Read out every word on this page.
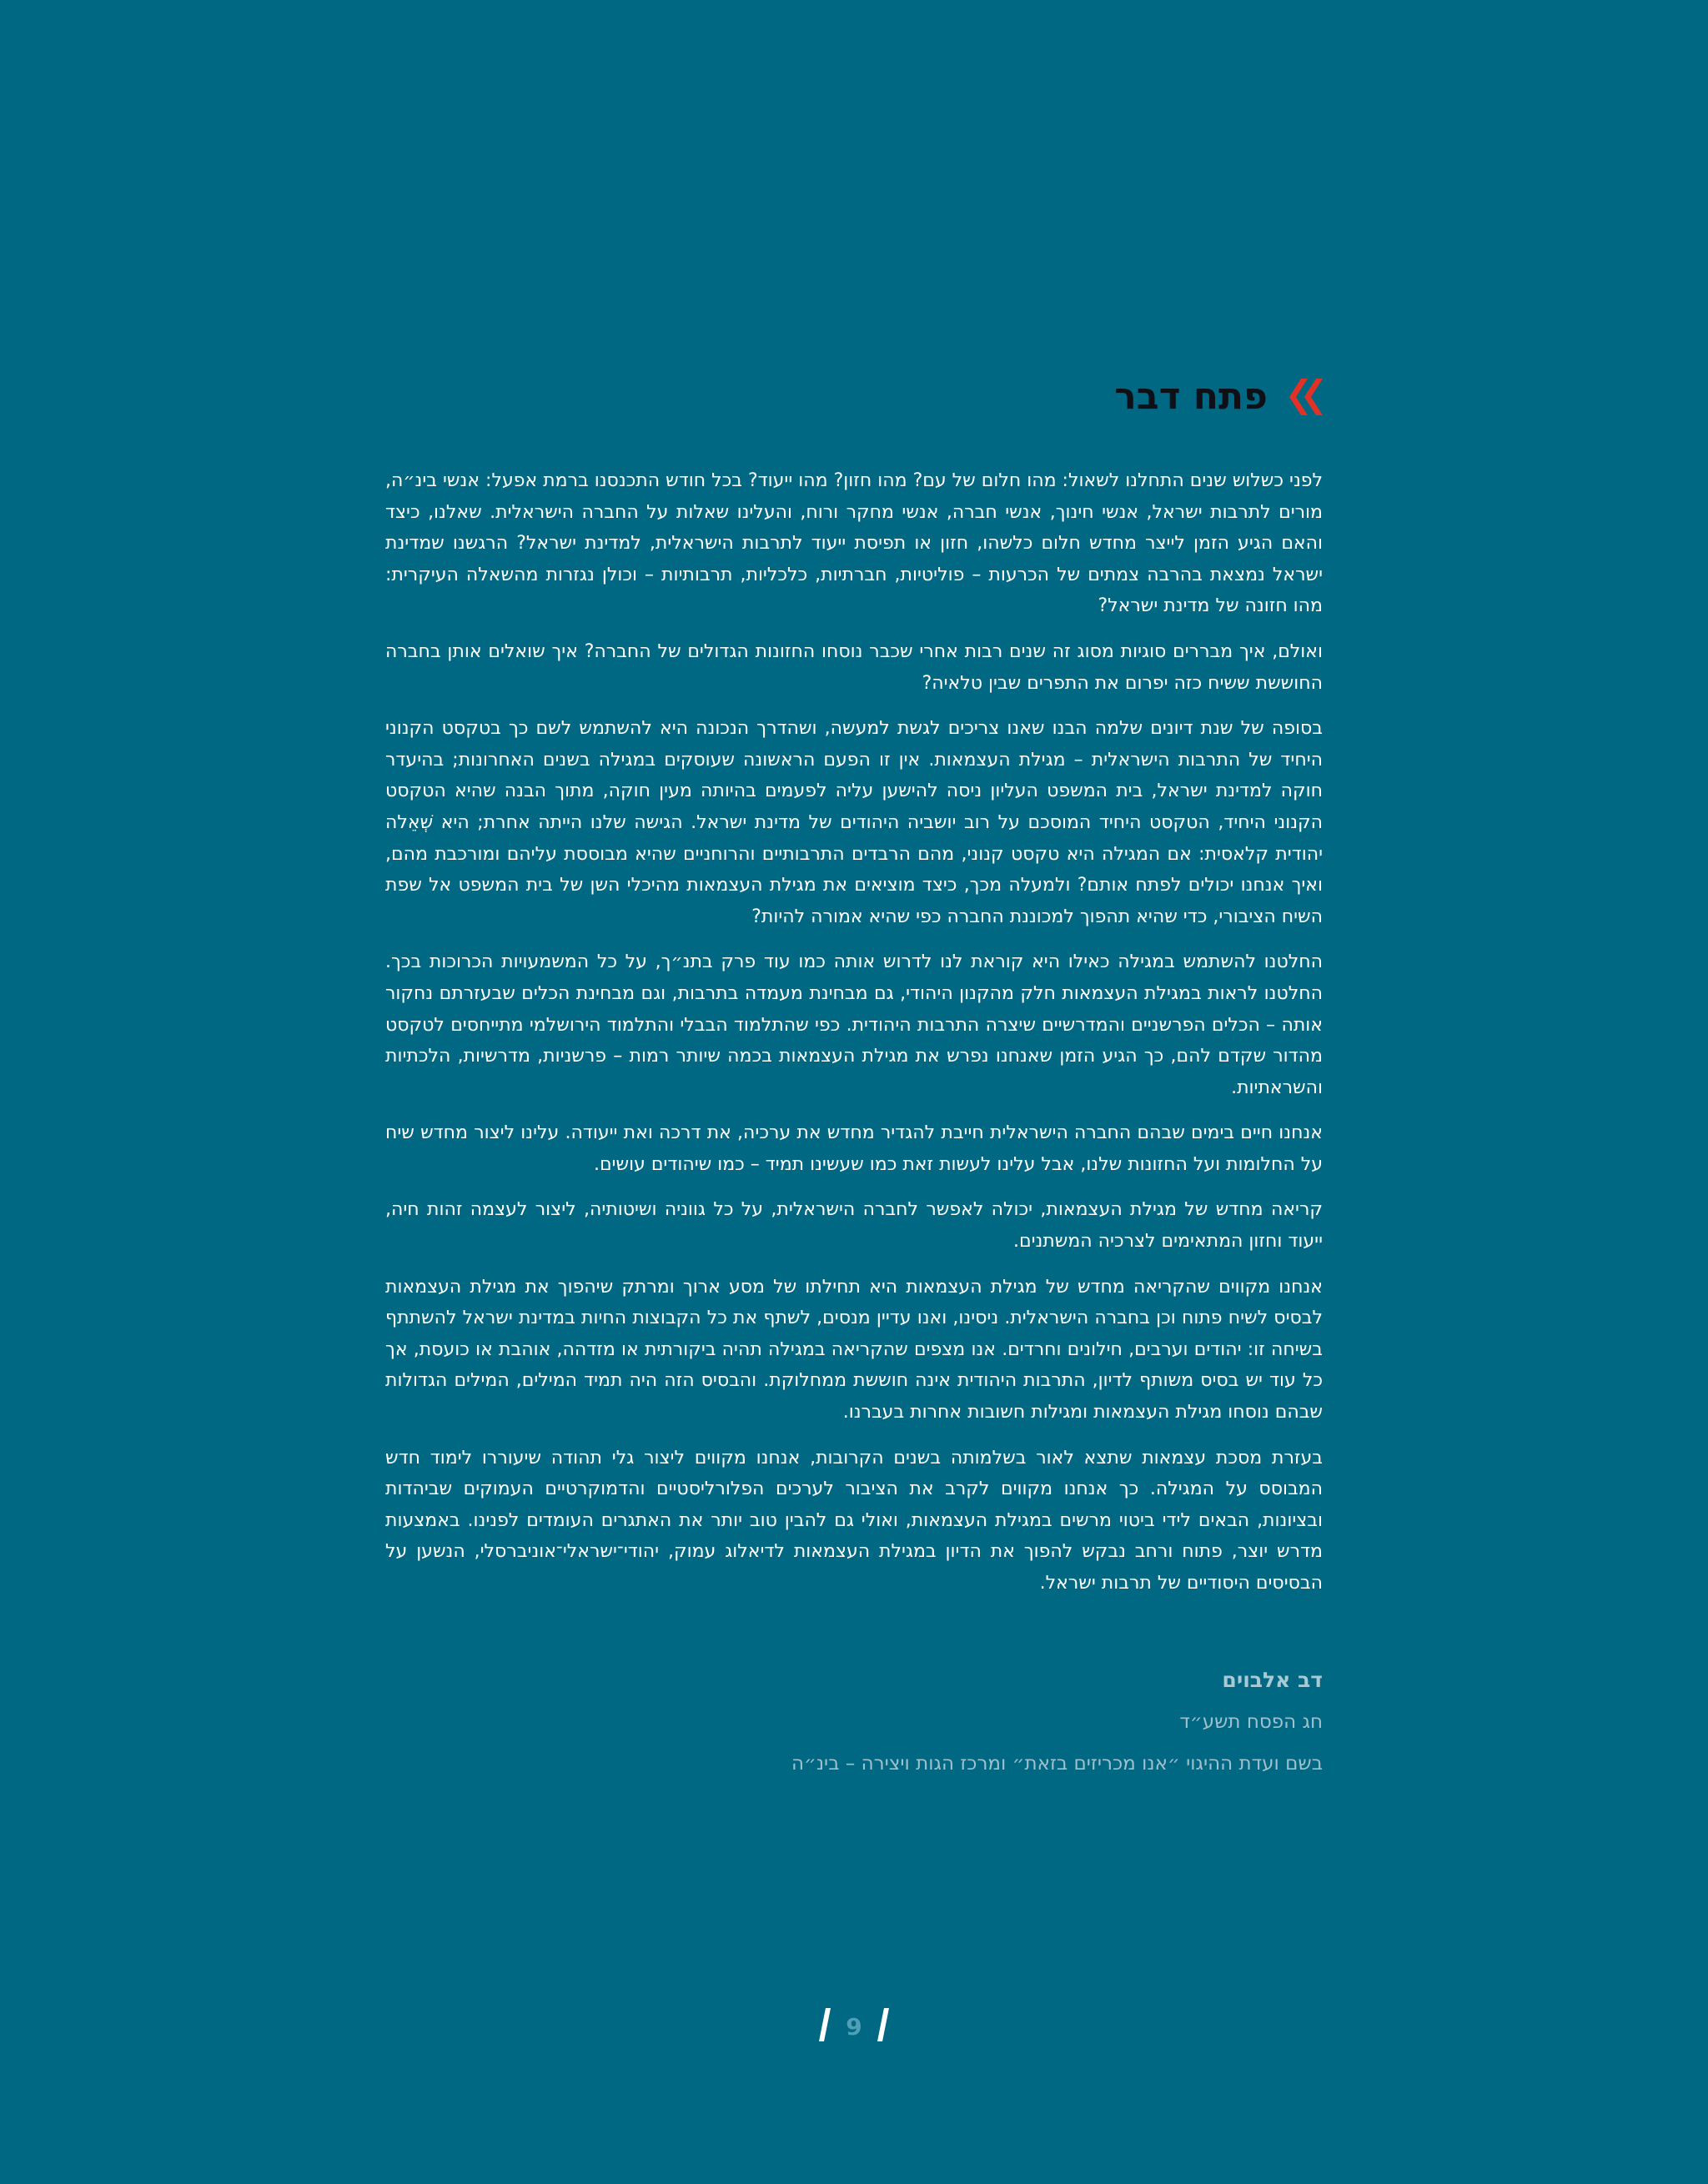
פתח דבר

לפני כשלוש שנים התחלנו לשאול: מהו חלום של עם? מהו חזון? מהו ייעוד? בכל חודש התכנסנו ברמת אפעל: אנשי בינ״ה, מורים לתרבות ישראל, אנשי חינוך, אנשי חברה, אנשי מחקר ורוח, והעלינו שאלות על החברה הישראלית. שאלנו, כיצד והאם הגיע הזמן לייצר מחדש חלום כלשהו, חזון או תפיסת ייעוד לתרבות הישראלית, למדינת ישראל? הרגשנו שמדינת ישראל נמצאת בהרבה צמתים של הכרעות – פוליטיות, חברתיות, כלכליות, תרבותיות – וכולן נגזרות מהשאלה העיקרית: מהו חזונה של מדינת ישראל?

ואולם, איך מבררים סוגיות מסוג זה שנים רבות אחרי שכבר נוסחו החזונות הגדולים של החברה? איך שואלים אותן בחברה החוששת ששיח כזה יפרום את התפרים שבין טלאיה?

בסופה של שנת דיונים שלמה הבנו שאנו צריכים לגשת למעשה, ושהדרך הנכונה היא להשתמש לשם כך בטקסט הקנוני היחיד של התרבות הישראלית – מגילת העצמאות. אין זו הפעם הראשונה שעוסקים במגילה בשנים האחרונות; בהיעדר חוקה למדינת ישראל, בית המשפט העליון ניסה להישען עליה לפעמים בהיותה מעין חוקה, מתוך הבנה שהיא הטקסט הקנוני היחיד, הטקסט היחיד המוסכם על רוב יושביה היהודים של מדינת ישראל. הגישה שלנו הייתה אחרת; היא שְׁאֵלה יהודית קלאסית: אם המגילה היא טקסט קנוני, מהם הרבדים התרבותיים והרוחניים שהיא מבוססת עליהם ומורכבת מהם, ואיך אנחנו יכולים לפתח אותם? ולמעלה מכך, כיצד מוציאים את מגילת העצמאות מהיכלי השן של בית המשפט אל שפת השיח הציבורי, כדי שהיא תהפוך למכוננת החברה כפי שהיא אמורה להיות?

החלטנו להשתמש במגילה כאילו היא קוראת לנו לדרוש אותה כמו עוד פרק בתנ״ך, על כל המשמעויות הכרוכות בכך. החלטנו לראות במגילת העצמאות חלק מהקנון היהודי, גם מבחינת מעמדה בתרבות, וגם מבחינת הכלים שבעזרתם נחקור אותה – הכלים הפרשניים והמדרשיים שיצרה התרבות היהודית. כפי שהתלמוד הבבלי והתלמוד הירושלמי מתייחסים לטקסט מהדור שקדם להם, כך הגיע הזמן שאנחנו נפרש את מגילת העצמאות בכמה שיותר רמות – פרשניות, מדרשיות, הלכתיות והשראתיות.

אנחנו חיים בימים שבהם החברה הישראלית חייבת להגדיר מחדש את ערכיה, את דרכה ואת ייעודה. עלינו ליצור מחדש שיח על החלומות ועל החזונות שלנו, אבל עלינו לעשות זאת כמו שעשינו תמיד – כמו שיהודים עושים.

קריאה מחדש של מגילת העצמאות, יכולה לאפשר לחברה הישראלית, על כל גווניה ושיטותיה, ליצור לעצמה זהות חיה, ייעוד וחזון המתאימים לצרכיה המשתנים.

אנחנו מקווים שהקריאה מחדש של מגילת העצמאות היא תחילתו של מסע ארוך ומרתק שיהפוך את מגילת העצמאות לבסיס לשיח פתוח וכן בחברה הישראלית. ניסינו, ואנו עדיין מנסים, לשתף את כל הקבוצות החיות במדינת ישראל להשתתף בשיחה זו: יהודים וערבים, חילונים וחרדים. אנו מצפים שהקריאה במגילה תהיה ביקורתית או מזדהה, אוהבת או כועסת, אך כל עוד יש בסיס משותף לדיון, התרבות היהודית אינה חוששת ממחלוקת. והבסיס הזה היה תמיד המילים, המילים הגדולות שבהם נוסחו מגילת העצמאות ומגילות חשובות אחרות בעברנו.

בעזרת מסכת עצמאות שתצא לאור בשלמותה בשנים הקרובות, אנחנו מקווים ליצור גלי תהודה שיעוררו לימוד חדש המבוסס על המגילה. כך אנחנו מקווים לקרב את הציבור לערכים הפלורליסטיים והדמוקרטיים העמוקים שביהדות ובציונות, הבאים לידי ביטוי מרשים במגילת העצמאות, ואולי גם להבין טוב יותר את האתגרים העומדים לפנינו. באמצעות מדרש יוצר, פתוח ורחב נבקש להפוך את הדיון במגילת העצמאות לדיאלוג עמוק, יהודי־ישראלי־אוניברסלי, הנשען על הבסיסים היסודיים של תרבות ישראל.

דב אלבוים
חג הפסח תשע״ד
בשם ועדת ההיגוי ״אנו מכריזים בזאת״ ומרכז הגות ויצירה – בינ״ה
9
